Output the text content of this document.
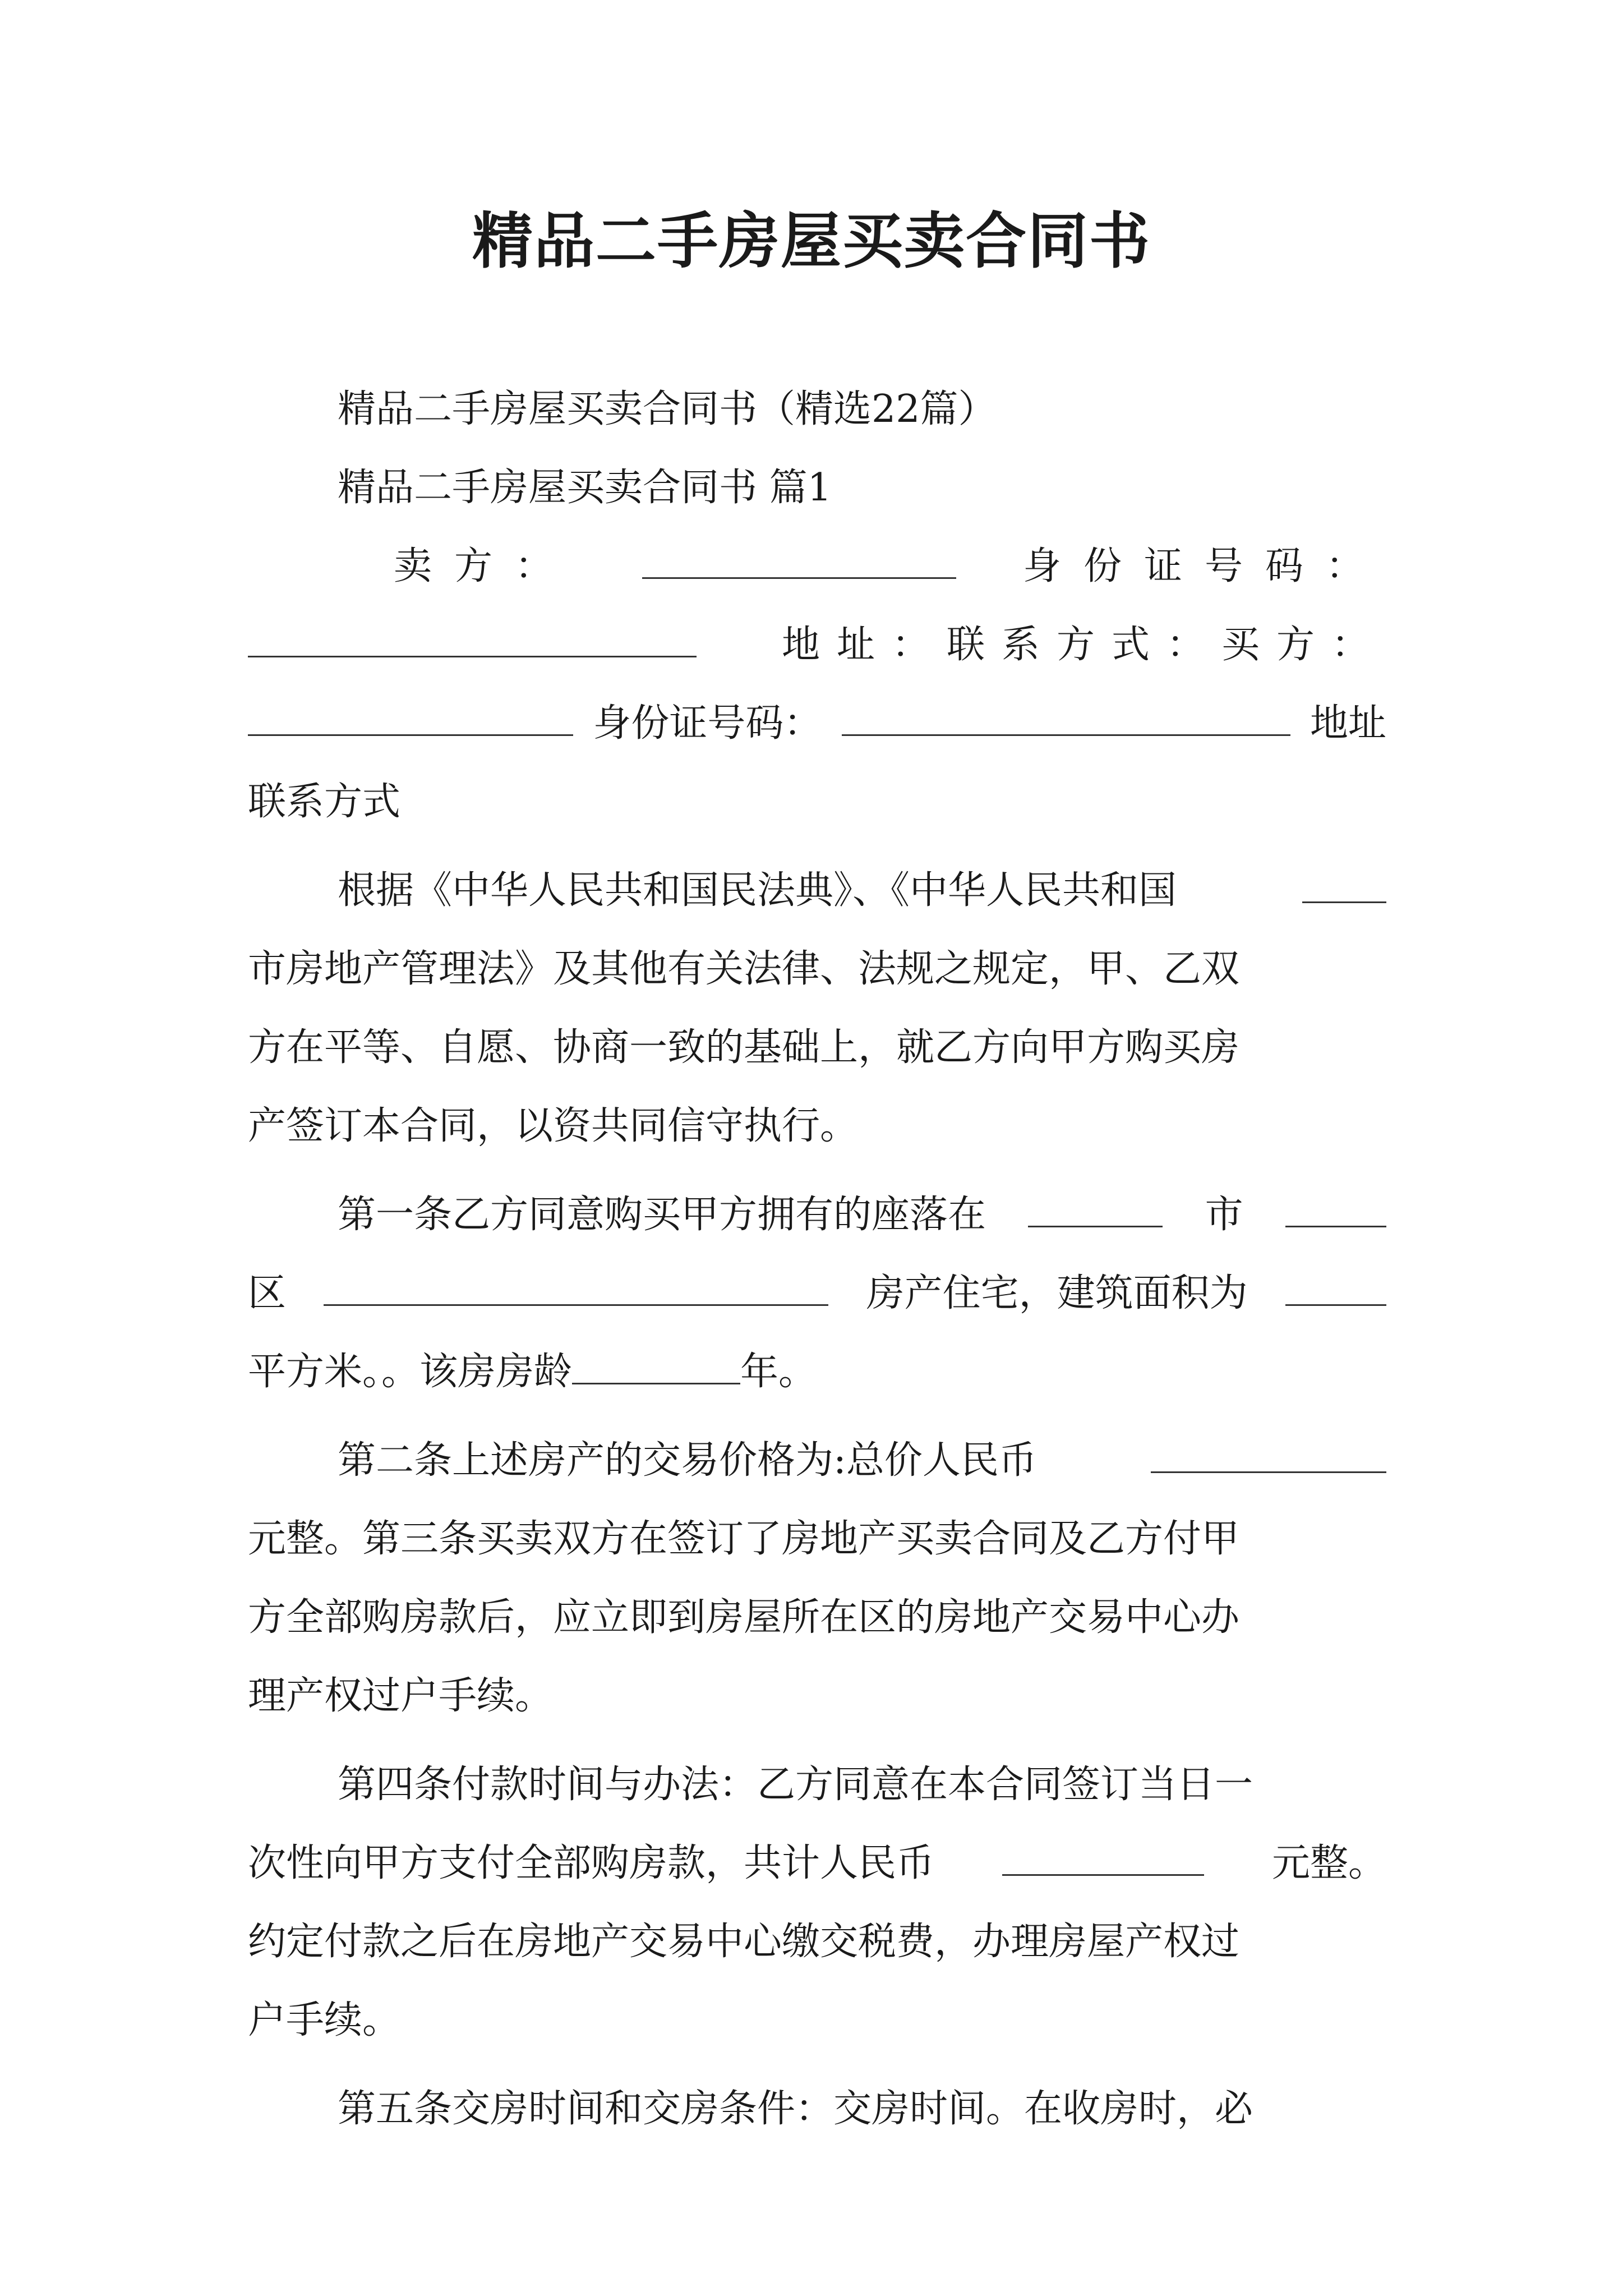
精品二手房屋买卖合同书
精品二手房屋买卖合同书（精选22篇）
精品二手房屋买卖合同书 篇1
卖方：	身份证号码：
地址：联系方式：买方：
身份证号码：	地址
联系方式
根据《中华人民共和国民法典》、《中华人民共和国
市房地产管理法》及其他有关法律、法规之规定，甲、乙双
方在平等、自愿、协商一致的基础上，就乙方向甲方购买房
产签订本合同，以资共同信守执行。
第一条乙方同意购买甲方拥有的座落在	市
区	房产住宅，建筑面积为
平方米。。该房房龄	年。
第二条上述房产的交易价格为:总价人民币
元整。第三条买卖双方在签订了房地产买卖合同及乙方付甲
方全部购房款后，应立即到房屋所在区的房地产交易中心办
理产权过户手续。
第四条付款时间与办法：乙方同意在本合同签订当日一
次性向甲方支付全部购房款，共计人民币	元整。
约定付款之后在房地产交易中心缴交税费，办理房屋产权过
户手续。
第五条交房时间和交房条件：交房时间。在收房时，必
